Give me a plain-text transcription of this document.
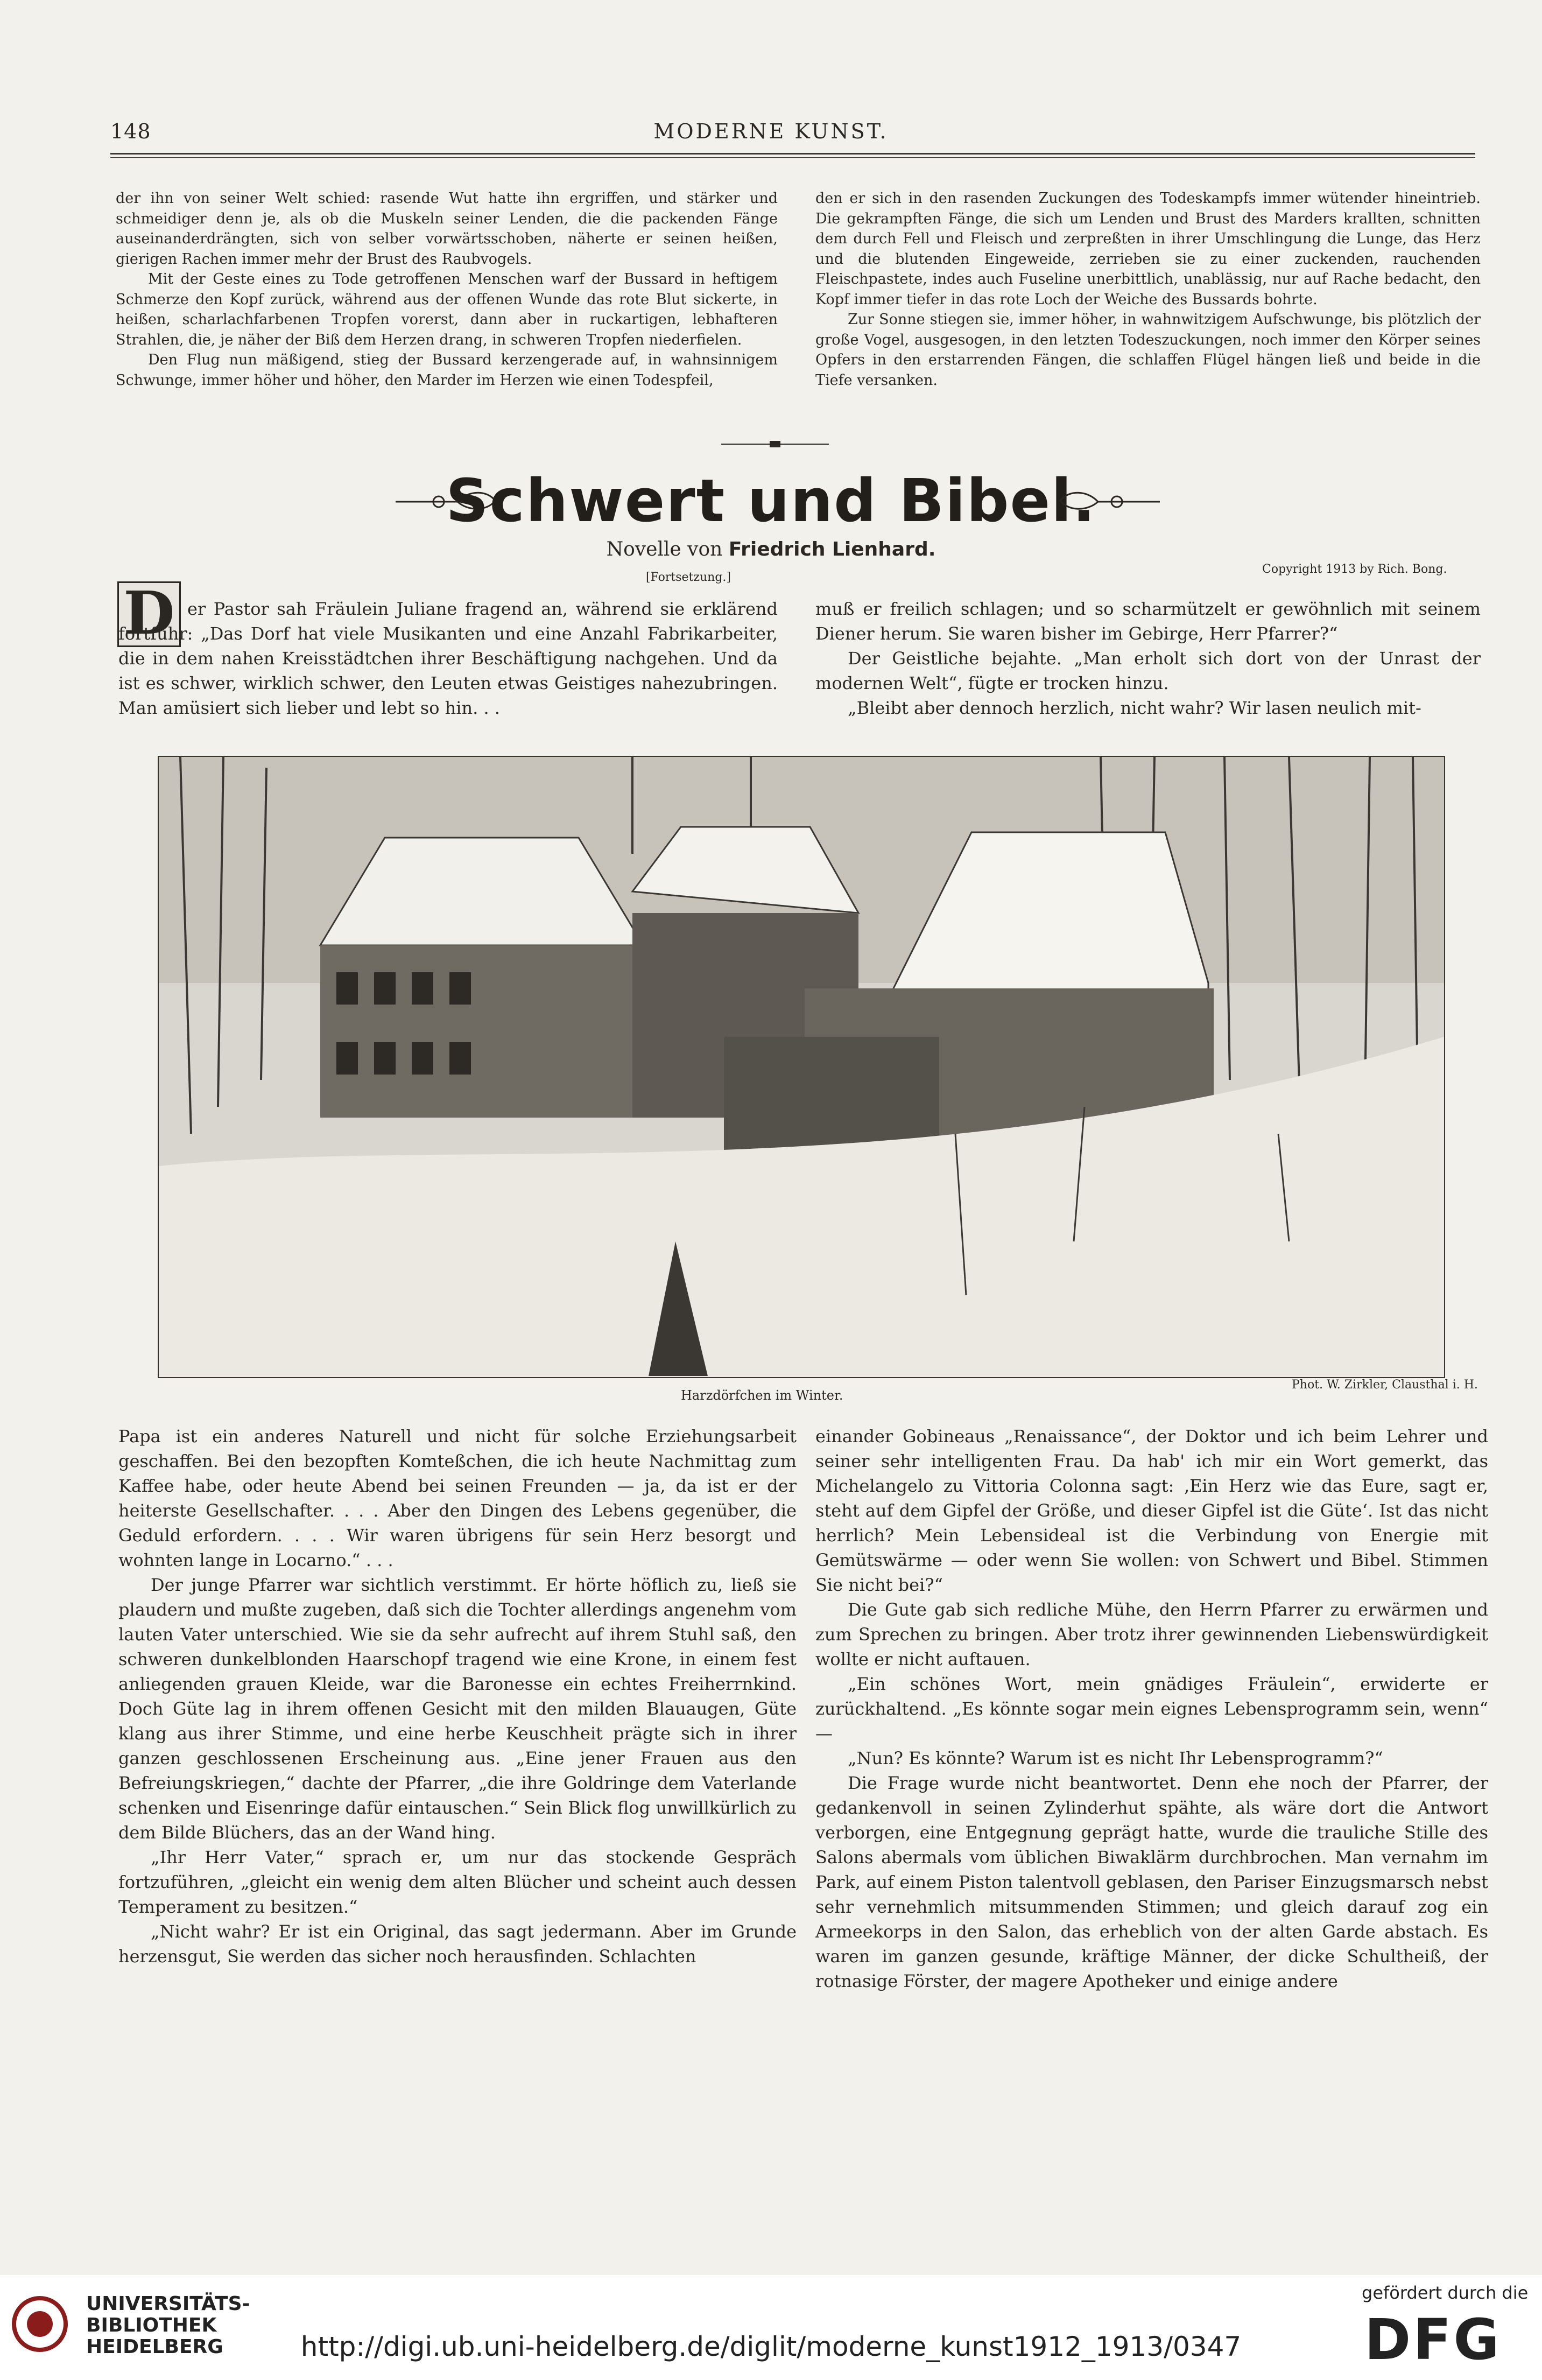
148	MODERNE KUNST.

der ihn von seiner Welt schied: rasende Wut hatte ihn ergriffen, und stärker und schmeidiger denn je, als ob die Muskeln seiner Lenden, die die packenden Fänge auseinanderdrängten, sich von selber vorwärtsschoben, näherte er seinen heißen, gierigen Rachen immer mehr der Brust des Raubvogels.

Mit der Geste eines zu Tode getroffenen Menschen warf der Bussard in heftigem Schmerze den Kopf zurück, während aus der offenen Wunde das rote Blut sickerte, in heißen, scharlachfarbenen Tropfen vorerst, dann aber in ruckartigen, lebhafteren Strahlen, die, je näher der Biß dem Herzen drang, in schweren Tropfen niederfielen.

Den Flug nun mäßigend, stieg der Bussard kerzengerade auf, in wahnsinnigem Schwunge, immer höher und höher, den Marder im Herzen wie einen Todespfeil,

den er sich in den rasenden Zuckungen des Todeskampfs immer wütender hineintrieb. Die gekrampften Fänge, die sich um Lenden und Brust des Marders krallten, schnitten dem durch Fell und Fleisch und zerpreßten in ihrer Umschlingung die Lunge, das Herz und die blutenden Eingeweide, zerrieben sie zu einer zuckenden, rauchenden Fleischpastete, indes auch Fuseline unerbittlich, unablässig, nur auf Rache bedacht, den Kopf immer tiefer in das rote Loch der Weiche des Bussards bohrte.

Zur Sonne stiegen sie, immer höher, in wahnwitzigem Aufschwunge, bis plötzlich der große Vogel, ausgesogen, in den letzten Todeszuckungen, noch immer den Körper seines Opfers in den erstarrenden Fängen, die schlaffen Flügel hängen ließ und beide in die Tiefe versanken.

Schwert und Bibel.
Novelle von Friedrich Lienhard.
[Fortsetzung.]
Copyright 1913 by Rich. Bong.
D er Pastor sah Fräulein Juliane fragend an, während sie erklärend fortfuhr: „Das Dorf hat viele Musikanten und eine Anzahl Fabrikarbeiter, die in dem nahen Kreisstädtchen ihrer Beschäftigung nachgehen. Und da ist es schwer, wirklich schwer, den Leuten etwas Geistiges nahezubringen. Man amüsiert sich lieber und lebt so hin. . .

muß er freilich schlagen; und so scharmützelt er gewöhnlich mit seinem Diener herum. Sie waren bisher im Gebirge, Herr Pfarrer?“

Der Geistliche bejahte. „Man erholt sich dort von der Unrast der modernen Welt“, fügte er trocken hinzu.

„Bleibt aber dennoch herzlich, nicht wahr? Wir lasen neulich mit-

Harzdörfchen im Winter.
Phot. W. Zirkler, Clausthal i. H.

Papa ist ein anderes Naturell und nicht für solche Erziehungsarbeit geschaffen. Bei den bezopften Komteßchen, die ich heute Nachmittag zum Kaffee habe, oder heute Abend bei seinen Freunden — ja, da ist er der heiterste Gesellschafter. . . . Aber den Dingen des Lebens gegenüber, die Geduld erfordern. . . . Wir waren übrigens für sein Herz besorgt und wohnten lange in Locarno.“ . . .

Der junge Pfarrer war sichtlich verstimmt. Er hörte höflich zu, ließ sie plaudern und mußte zugeben, daß sich die Tochter allerdings angenehm vom lauten Vater unterschied. Wie sie da sehr aufrecht auf ihrem Stuhl saß, den schweren dunkelblonden Haarschopf tragend wie eine Krone, in einem fest anliegenden grauen Kleide, war die Baronesse ein echtes Freiherrnkind. Doch Güte lag in ihrem offenen Gesicht mit den milden Blauaugen, Güte klang aus ihrer Stimme, und eine herbe Keuschheit prägte sich in ihrer ganzen geschlossenen Erscheinung aus. „Eine jener Frauen aus den Befreiungskriegen,“ dachte der Pfarrer, „die ihre Goldringe dem Vaterlande schenken und Eisenringe dafür eintauschen.“ Sein Blick flog unwillkürlich zu dem Bilde Blüchers, das an der Wand hing.

„Ihr Herr Vater,“ sprach er, um nur das stockende Gespräch fortzuführen, „gleicht ein wenig dem alten Blücher und scheint auch dessen Temperament zu besitzen.“

„Nicht wahr? Er ist ein Original, das sagt jedermann. Aber im Grunde herzensgut, Sie werden das sicher noch herausfinden. Schlachten

einander Gobineaus „Renaissance“, der Doktor und ich beim Lehrer und seiner sehr intelligenten Frau. Da hab' ich mir ein Wort gemerkt, das Michelangelo zu Vittoria Colonna sagt: ‚Ein Herz wie das Eure, sagt er, steht auf dem Gipfel der Größe, und dieser Gipfel ist die Güte‘. Ist das nicht herrlich? Mein Lebensideal ist die Verbindung von Energie mit Gemütswärme — oder wenn Sie wollen: von Schwert und Bibel. Stimmen Sie nicht bei?“

Die Gute gab sich redliche Mühe, den Herrn Pfarrer zu erwärmen und zum Sprechen zu bringen. Aber trotz ihrer gewinnenden Liebenswürdigkeit wollte er nicht auftauen.

„Ein schönes Wort, mein gnädiges Fräulein“, erwiderte er zurückhaltend. „Es könnte sogar mein eignes Lebensprogramm sein, wenn“ —

„Nun? Es könnte? Warum ist es nicht Ihr Lebensprogramm?“

Die Frage wurde nicht beantwortet. Denn ehe noch der Pfarrer, der gedankenvoll in seinen Zylinderhut spähte, als wäre dort die Antwort verborgen, eine Entgegnung geprägt hatte, wurde die trauliche Stille des Salons abermals vom üblichen Biwaklärm durchbrochen. Man vernahm im Park, auf einem Piston talentvoll geblasen, den Pariser Einzugsmarsch nebst sehr vernehmlich mitsummenden Stimmen; und gleich darauf zog ein Armeekorps in den Salon, das erheblich von der alten Garde abstach. Es waren im ganzen gesunde, kräftige Männer, der dicke Schultheiß, der rotnasige Förster, der magere Apotheker und einige andere

UNIVERSITÄTS-
BIBLIOTHEK
HEIDELBERG	http://digi.ub.uni-heidelberg.de/diglit/moderne_kunst1912_1913/0347
gefördert durch die
DFG
